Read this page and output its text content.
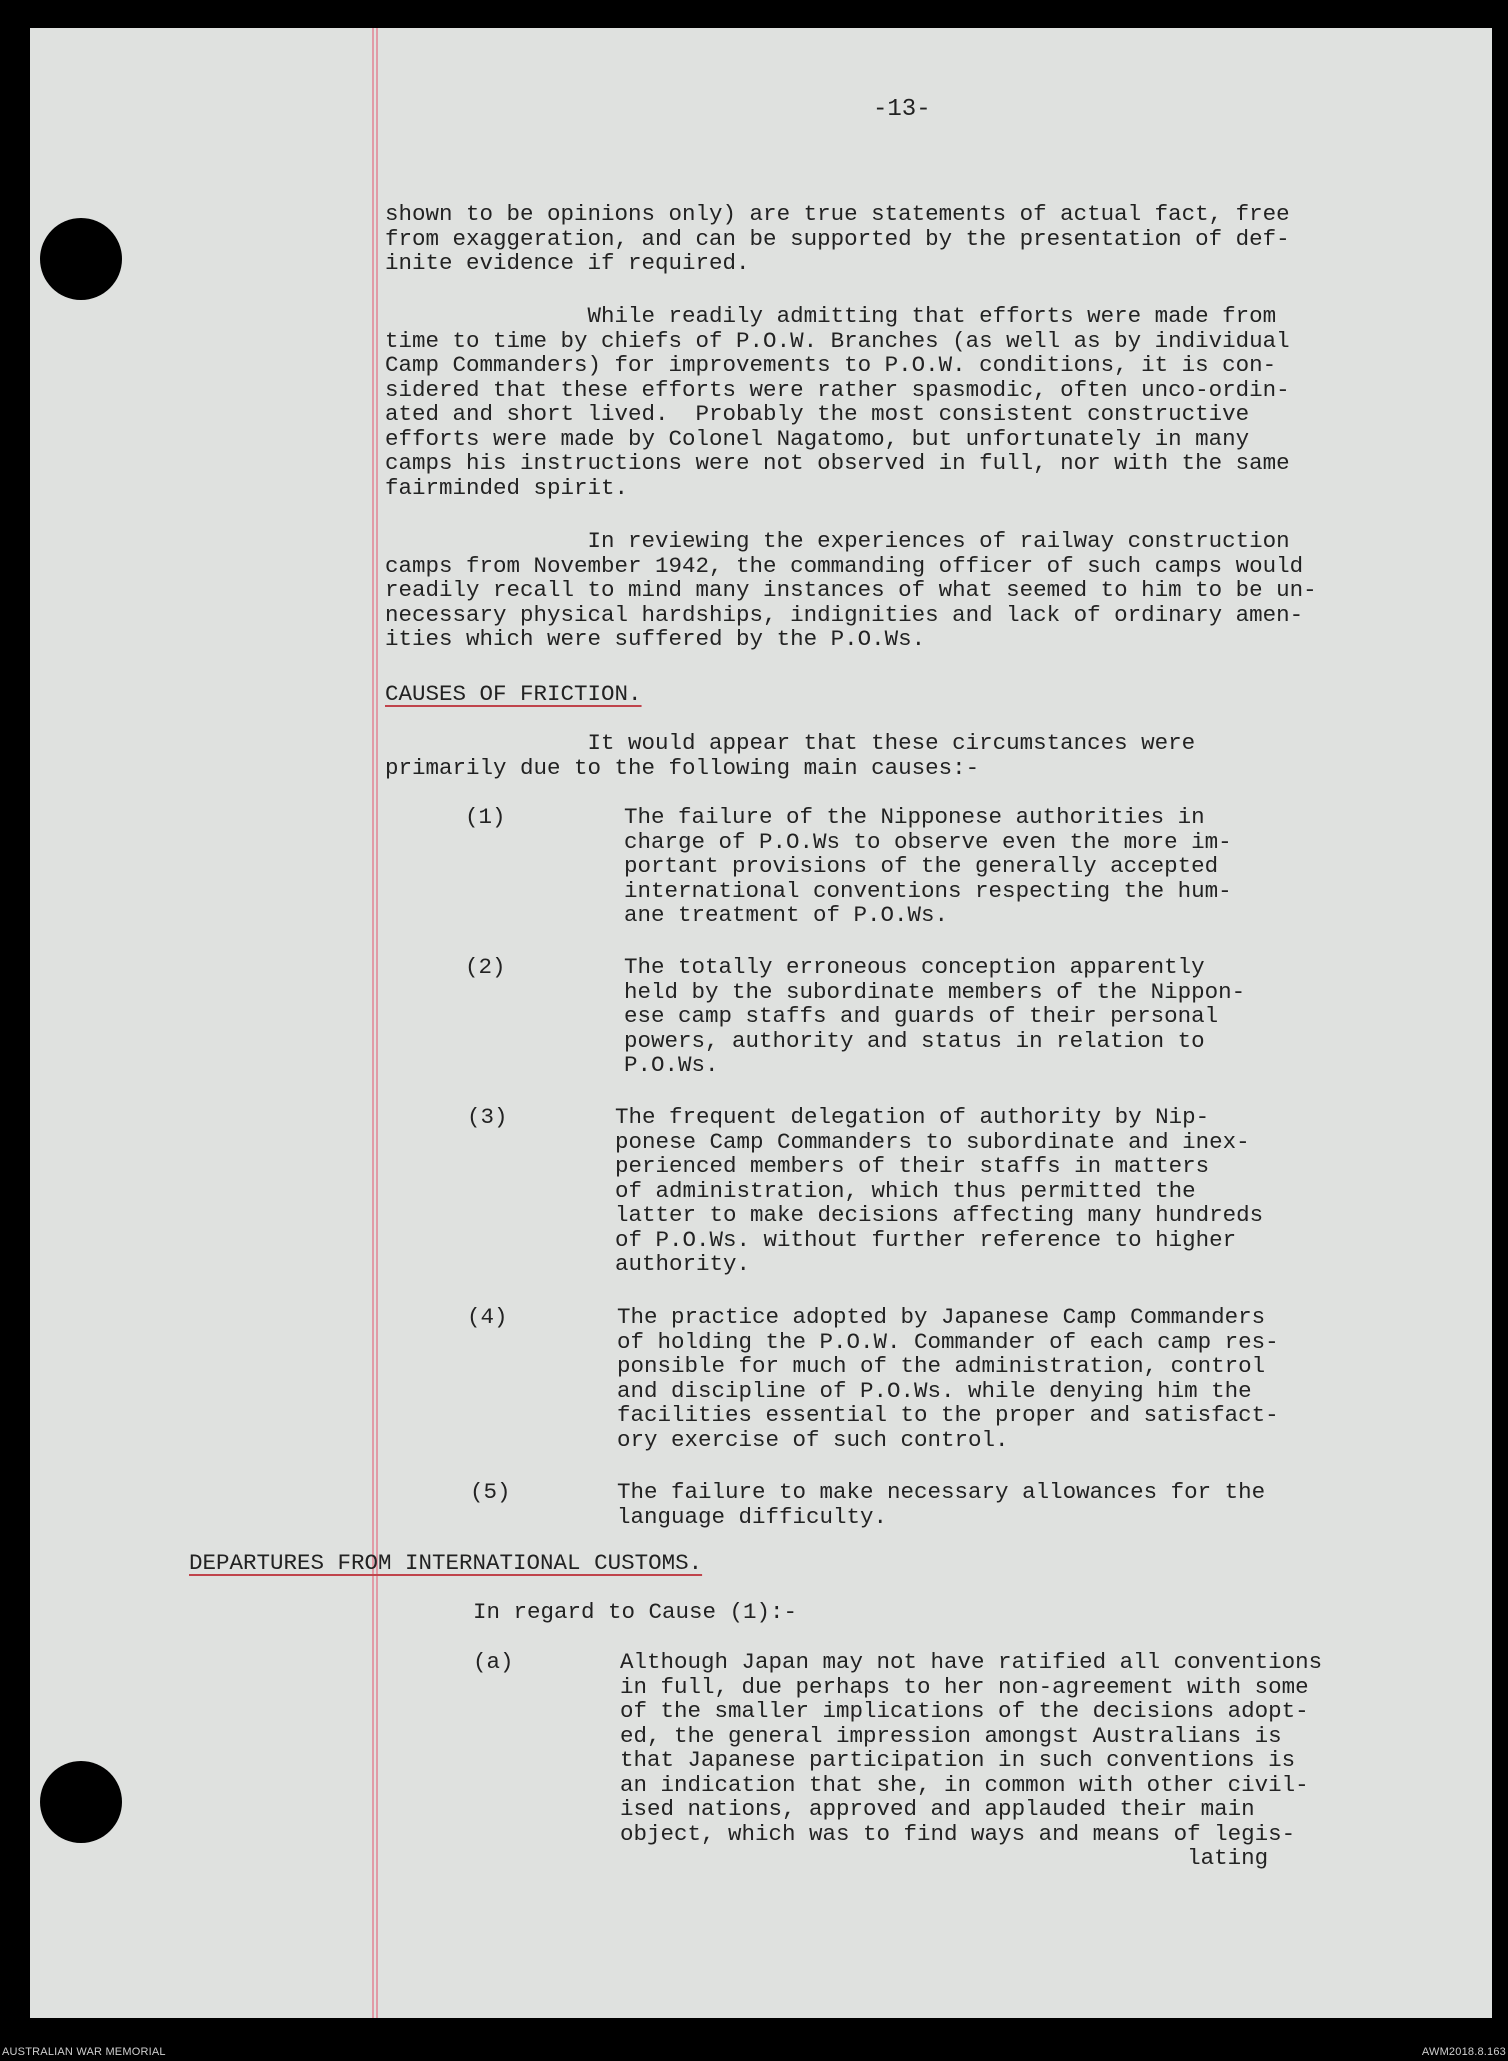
-13-

shown to be opinions only) are true statements of actual fact, free
from exaggeration, and can be supported by the presentation of def-
inite evidence if required.

While readily admitting that efforts were made from
time to time by chiefs of P.O.W. Branches (as well as by individual
Camp Commanders) for improvements to P.O.W. conditions, it is con-
sidered that these efforts were rather spasmodic, often unco-ordin-
ated and short lived.  Probably the most consistent constructive
efforts were made by Colonel Nagatomo, but unfortunately in many
camps his instructions were not observed in full, nor with the same
fairminded spirit.

In reviewing the experiences of railway construction
camps from November 1942, the commanding officer of such camps would
readily recall to mind many instances of what seemed to him to be un-
necessary physical hardships, indignities and lack of ordinary amen-
ities which were suffered by the P.O.Ws.

CAUSES OF FRICTION.

It would appear that these circumstances were
primarily due to the following main causes:-

(1)	The failure of the Nipponese authorities in
charge of P.O.Ws to observe even the more im-
portant provisions of the generally accepted
international conventions respecting the hum-
ane treatment of P.O.Ws.

(2)	The totally erroneous conception apparently
held by the subordinate members of the Nippon-
ese camp staffs and guards of their personal
powers, authority and status in relation to
P.O.Ws.

(3)	The frequent delegation of authority by Nip-
ponese Camp Commanders to subordinate and inex-
perienced members of their staffs in matters
of administration, which thus permitted the
latter to make decisions affecting many hundreds
of P.O.Ws. without further reference to higher
authority.

(4)	The practice adopted by Japanese Camp Commanders
of holding the P.O.W. Commander of each camp res-
ponsible for much of the administration, control
and discipline of P.O.Ws. while denying him the
facilities essential to the proper and satisfact-
ory exercise of such control.

(5)	The failure to make necessary allowances for the
language difficulty.

DEPARTURES FROM INTERNATIONAL CUSTOMS.

In regard to Cause (1):-

(a)	Although Japan may not have ratified all conventions
in full, due perhaps to her non-agreement with some
of the smaller implications of the decisions adopt-
ed, the general impression amongst Australians is
that Japanese participation in such conventions is
an indication that she, in common with other civil-
ised nations, approved and applauded their main
object, which was to find ways and means of legis-
lating

AUSTRALIAN WAR MEMORIAL	AWM2018.8.163
